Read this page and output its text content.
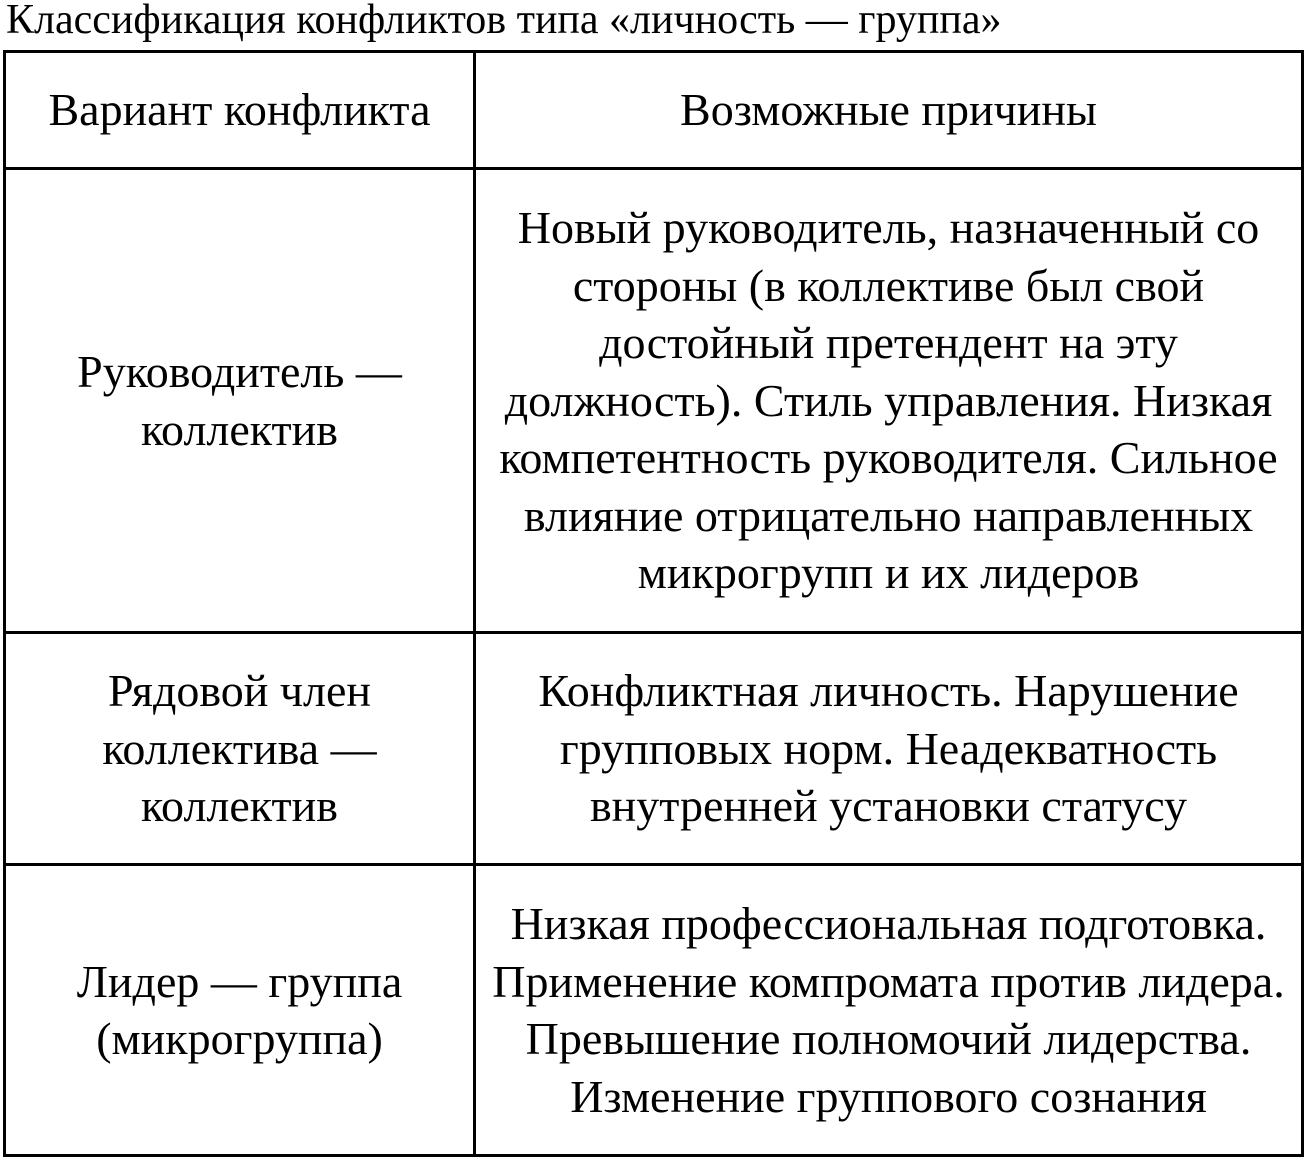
Классификация конфликтов типа «личность — группа»
Вариант конфликта	Возможные причины

Руководитель — коллектив	Новый руководитель, назначенный со стороны (в коллективе был свой достойный претендент на эту должность). Стиль управления. Низкая компетентность руководителя. Сильное влияние отрицательно направленных микрогрупп и их лидеров

Рядовой член коллектива — коллектив	Конфликтная личность. Нарушение групповых норм. Неадекватность внутренней установки статусу

Лидер — группа (микрогруппа)	Низкая профессиональная подготовка. Применение компромата против лидера. Превышение полномочий лидерства. Изменение группового сознания
